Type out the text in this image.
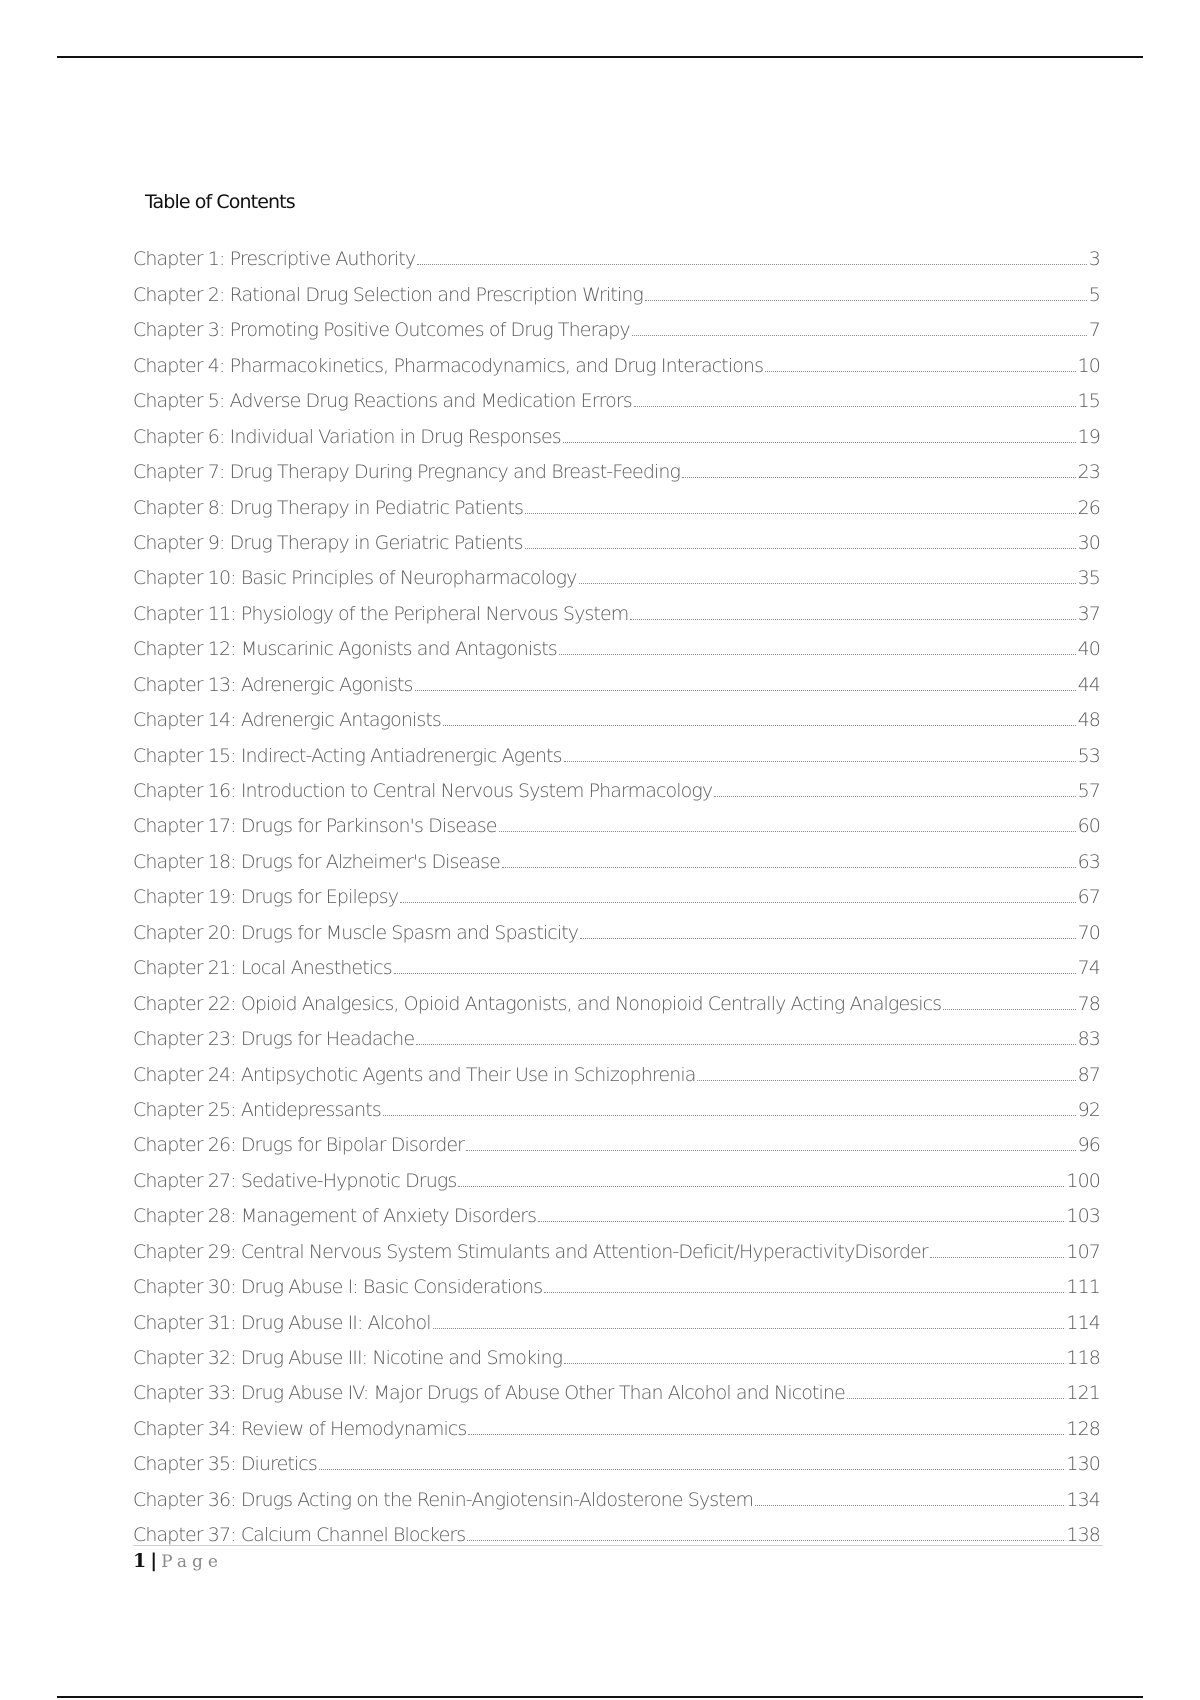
Table of Contents
Chapter 1: Prescriptive Authority	3
Chapter 2: Rational Drug Selection and Prescription Writing	5
Chapter 3: Promoting Positive Outcomes of Drug Therapy	7
Chapter 4: Pharmacokinetics, Pharmacodynamics, and Drug Interactions	10
Chapter 5: Adverse Drug Reactions and Medication Errors	15
Chapter 6: Individual Variation in Drug Responses	19
Chapter 7: Drug Therapy During Pregnancy and Breast-Feeding	23
Chapter 8: Drug Therapy in Pediatric Patients	26
Chapter 9: Drug Therapy in Geriatric Patients	30
Chapter 10: Basic Principles of Neuropharmacology	35
Chapter 11: Physiology of the Peripheral Nervous System	37
Chapter 12: Muscarinic Agonists and Antagonists	40
Chapter 13: Adrenergic Agonists	44
Chapter 14: Adrenergic Antagonists	48
Chapter 15: Indirect-Acting Antiadrenergic Agents	53
Chapter 16: Introduction to Central Nervous System Pharmacology	57
Chapter 17: Drugs for Parkinson's Disease	60
Chapter 18: Drugs for Alzheimer's Disease	63
Chapter 19: Drugs for Epilepsy	67
Chapter 20: Drugs for Muscle Spasm and Spasticity	70
Chapter 21: Local Anesthetics	74
Chapter 22: Opioid Analgesics, Opioid Antagonists, and Nonopioid Centrally Acting Analgesics	78
Chapter 23: Drugs for Headache	83
Chapter 24: Antipsychotic Agents and Their Use in Schizophrenia	87
Chapter 25: Antidepressants	92
Chapter 26: Drugs for Bipolar Disorder	96
Chapter 27: Sedative-Hypnotic Drugs	100
Chapter 28: Management of Anxiety Disorders	103
Chapter 29: Central Nervous System Stimulants and Attention-Deficit/HyperactivityDisorder	107
Chapter 30: Drug Abuse I: Basic Considerations	111
Chapter 31: Drug Abuse II: Alcohol	114
Chapter 32: Drug Abuse III: Nicotine and Smoking	118
Chapter 33: Drug Abuse IV: Major Drugs of Abuse Other Than Alcohol and Nicotine	121
Chapter 34: Review of Hemodynamics	128
Chapter 35: Diuretics	130
Chapter 36: Drugs Acting on the Renin-Angiotensin-Aldosterone System	134
Chapter 37: Calcium Channel Blockers	138
1 | Page
